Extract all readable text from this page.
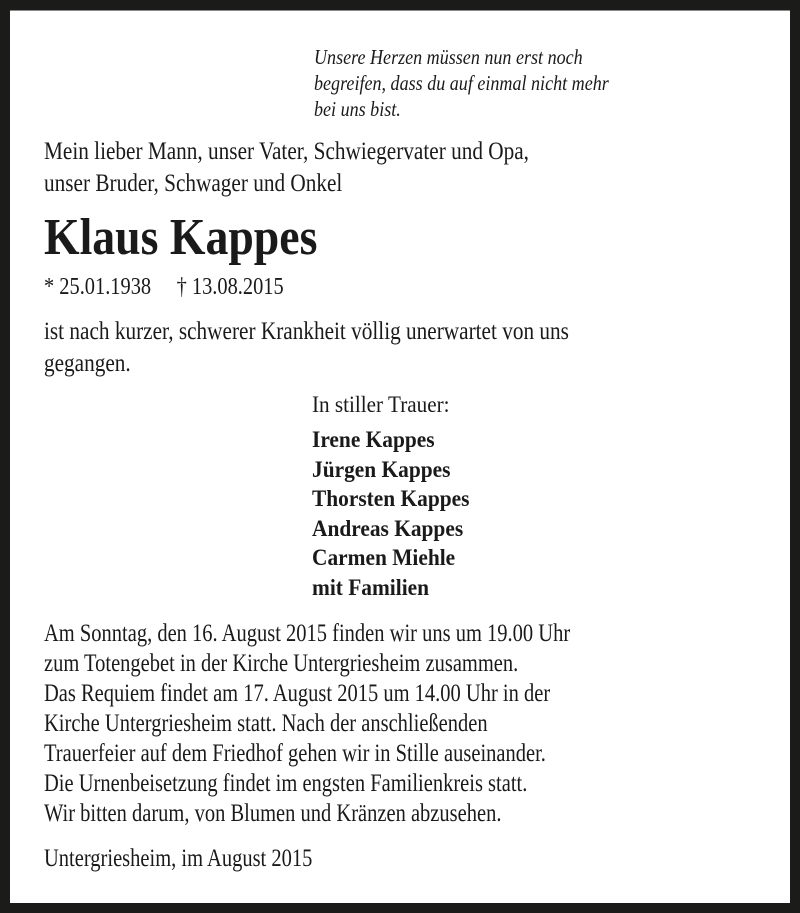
Unsere Herzen müssen nun erst noch
begreifen, dass du auf einmal nicht mehr
bei uns bist.
Mein lieber Mann, unser Vater, Schwiegervater und Opa,
unser Bruder, Schwager und Onkel
Klaus Kappes
* 25.01.1938 † 13.08.2015
ist nach kurzer, schwerer Krankheit völlig unerwartet von uns
gegangen.
In stiller Trauer:
Irene Kappes
Jürgen Kappes
Thorsten Kappes
Andreas Kappes
Carmen Miehle
mit Familien
Am Sonntag, den 16. August 2015 finden wir uns um 19.00 Uhr
zum Totengebet in der Kirche Untergriesheim zusammen.
Das Requiem findet am 17. August 2015 um 14.00 Uhr in der
Kirche Untergriesheim statt. Nach der anschließenden
Trauerfeier auf dem Friedhof gehen wir in Stille auseinander.
Die Urnenbeisetzung findet im engsten Familienkreis statt.
Wir bitten darum, von Blumen und Kränzen abzusehen.
Untergriesheim, im August 2015
